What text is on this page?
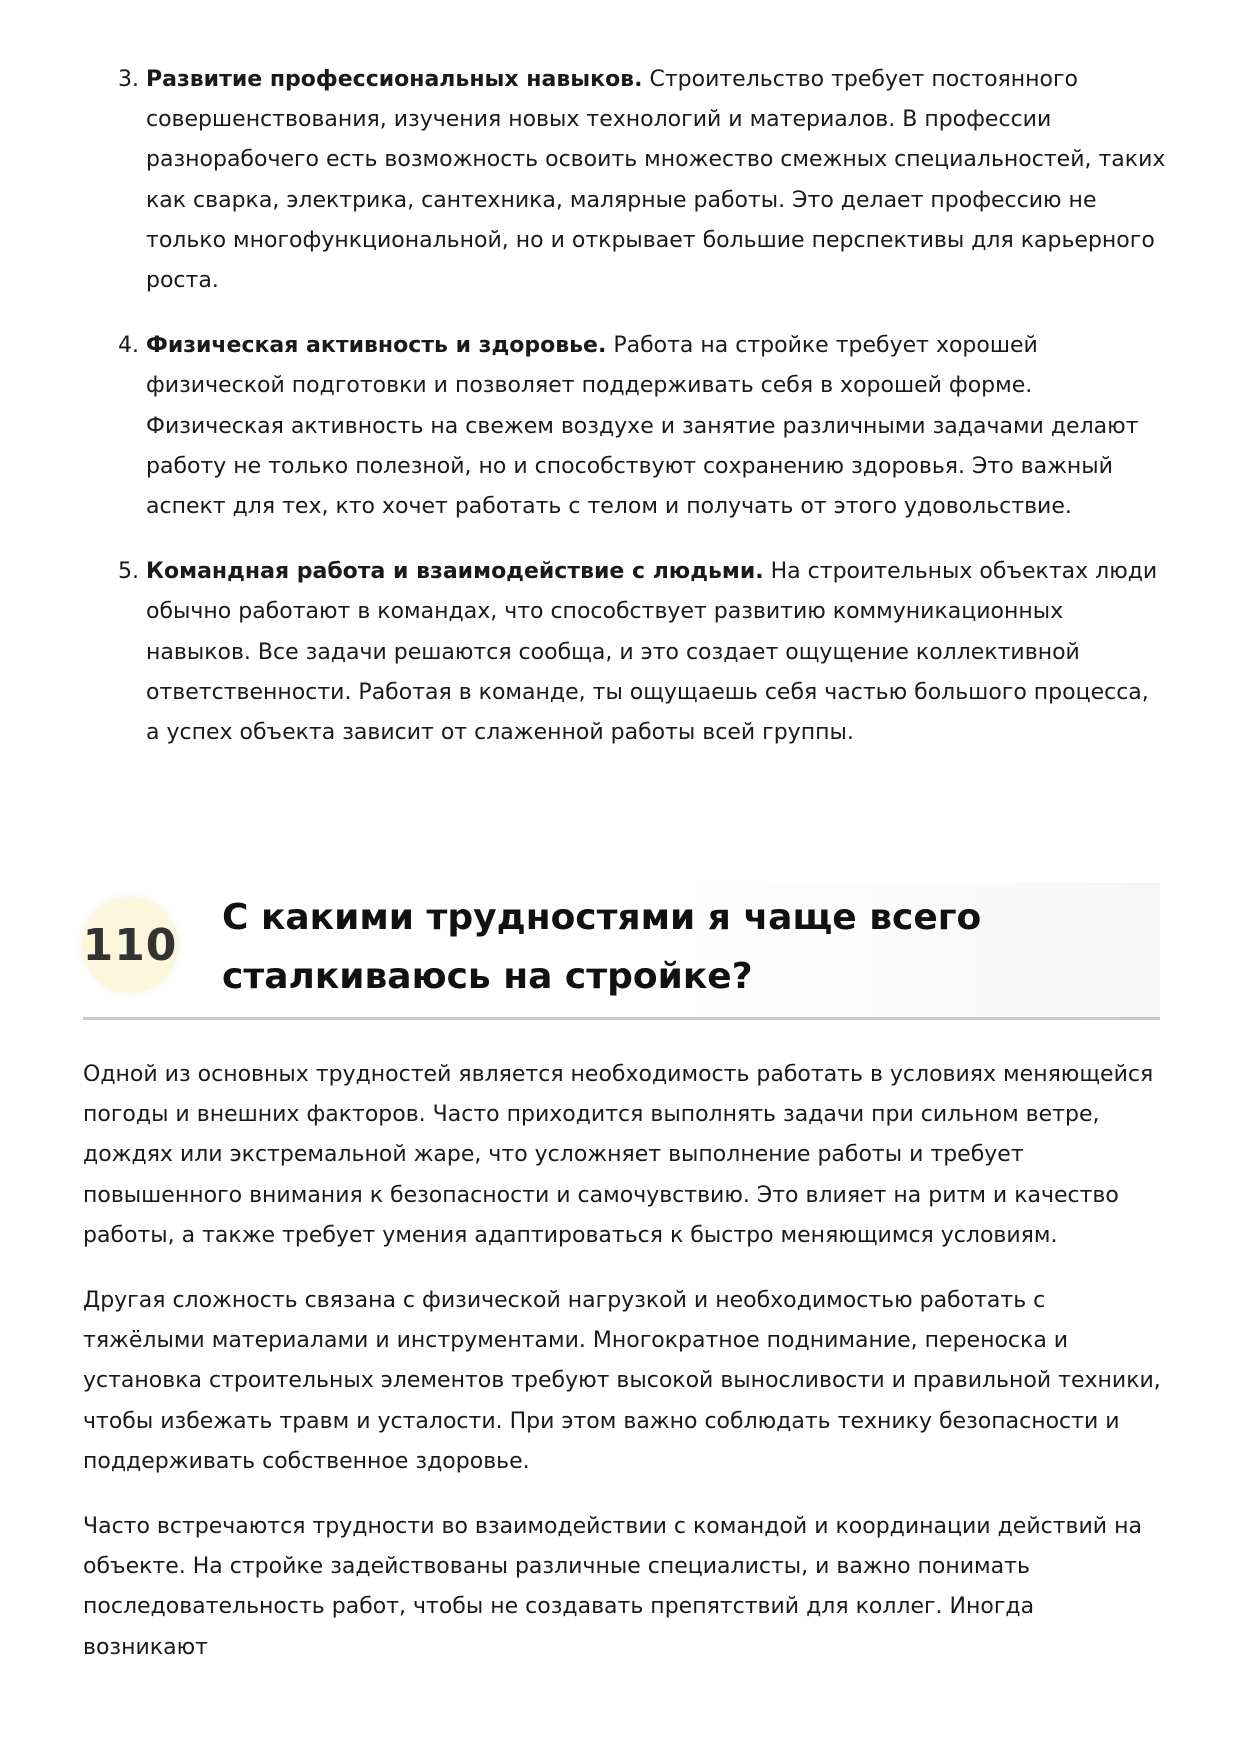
3. Развитие профессиональных навыков. Строительство требует постоянного совершенствования, изучения новых технологий и материалов. В профессии разнорабочего есть возможность освоить множество смежных специальностей, таких как сварка, электрика, сантехника, малярные работы. Это делает профессию не только многофункциональной, но и открывает большие перспективы для карьерного роста.
4. Физическая активность и здоровье. Работа на стройке требует хорошей физической подготовки и позволяет поддерживать себя в хорошей форме. Физическая активность на свежем воздухе и занятие различными задачами делают работу не только полезной, но и способствуют сохранению здоровья. Это важный аспект для тех, кто хочет работать с телом и получать от этого удовольствие.
5. Командная работа и взаимодействие с людьми. На строительных объектах люди обычно работают в командах, что способствует развитию коммуникационных навыков. Все задачи решаются сообща, и это создает ощущение коллективной ответственности. Работая в команде, ты ощущаешь себя частью большого процесса, а успех объекта зависит от слаженной работы всей группы.
110
С какими трудностями я чаще всего сталкиваюсь на стройке?

Одной из основных трудностей является необходимость работать в условиях меняющейся погоды и внешних факторов. Часто приходится выполнять задачи при сильном ветре, дождях или экстремальной жаре, что усложняет выполнение работы и требует повышенного внимания к безопасности и самочувствию. Это влияет на ритм и качество работы, а также требует умения адаптироваться к быстро меняющимся условиям.

Другая сложность связана с физической нагрузкой и необходимостью работать с тяжёлыми материалами и инструментами. Многократное поднимание, переноска и установка строительных элементов требуют высокой выносливости и правильной техники, чтобы избежать травм и усталости. При этом важно соблюдать технику безопасности и поддерживать собственное здоровье.

Часто встречаются трудности во взаимодействии с командой и координации действий на объекте. На стройке задействованы различные специалисты, и важно понимать последовательность работ, чтобы не создавать препятствий для коллег. Иногда возникают
